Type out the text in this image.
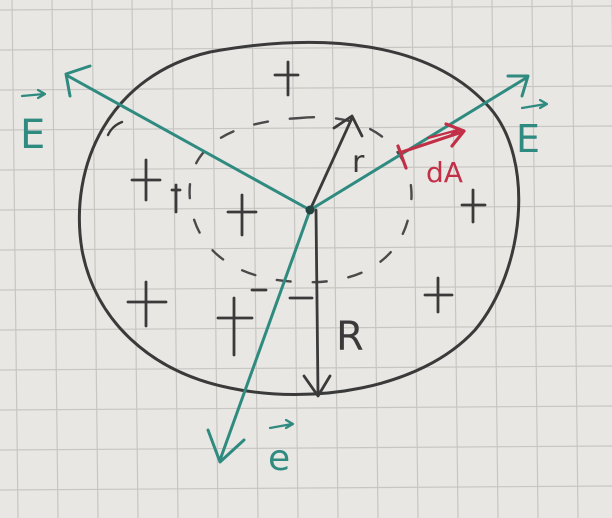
E	E
e
R
r dA
